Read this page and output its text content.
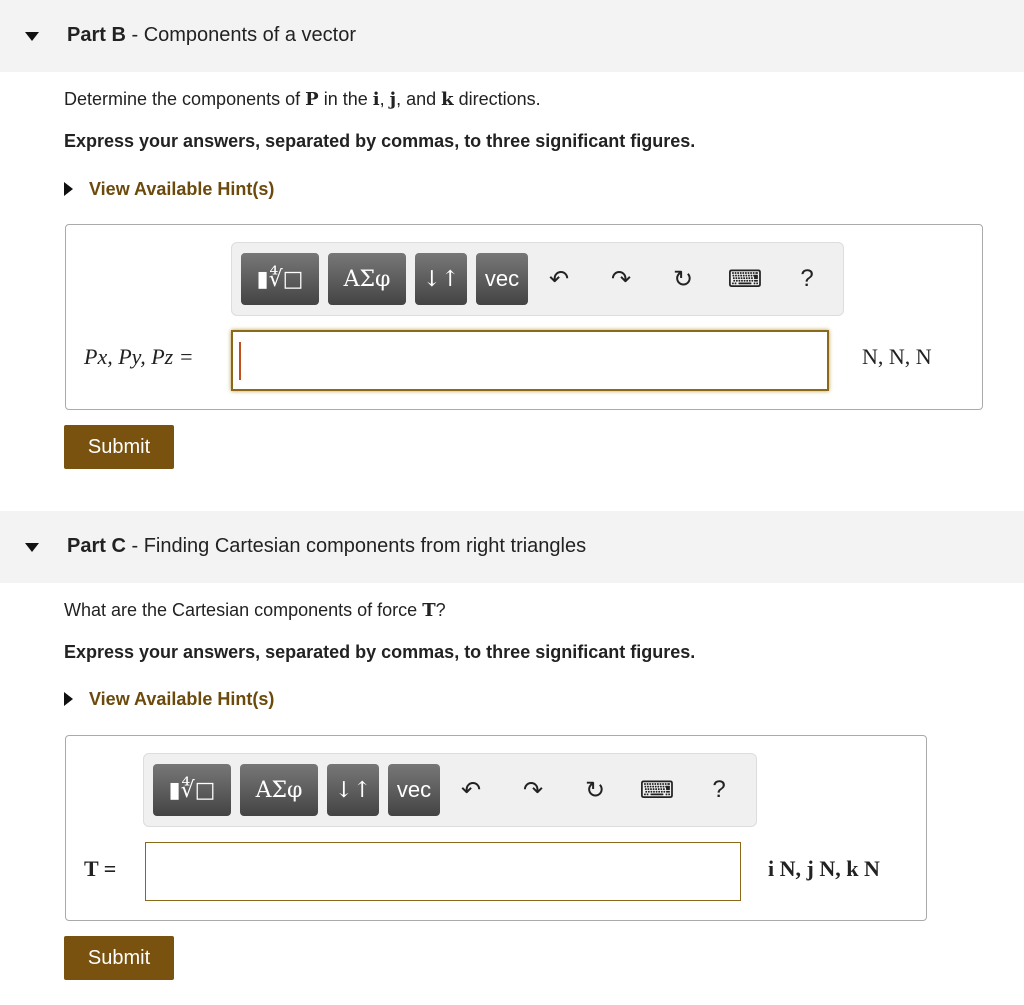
Part B - Components of a vector
Determine the components of P in the i, j, and k directions.
Express your answers, separated by commas, to three significant figures.
View Available Hint(s)
▮∜□	ΑΣφ	↓↑	vec	↶	↷	↻	⌨	?
Px, Py, Pz =	N, N, N
Submit
Part C - Finding Cartesian components from right triangles
What are the Cartesian components of force T?
Express your answers, separated by commas, to three significant figures.
View Available Hint(s)
▮∜□	ΑΣφ	↓↑	vec	↶	↷	↻	⌨	?
T =	i N, j N, k N
Submit
